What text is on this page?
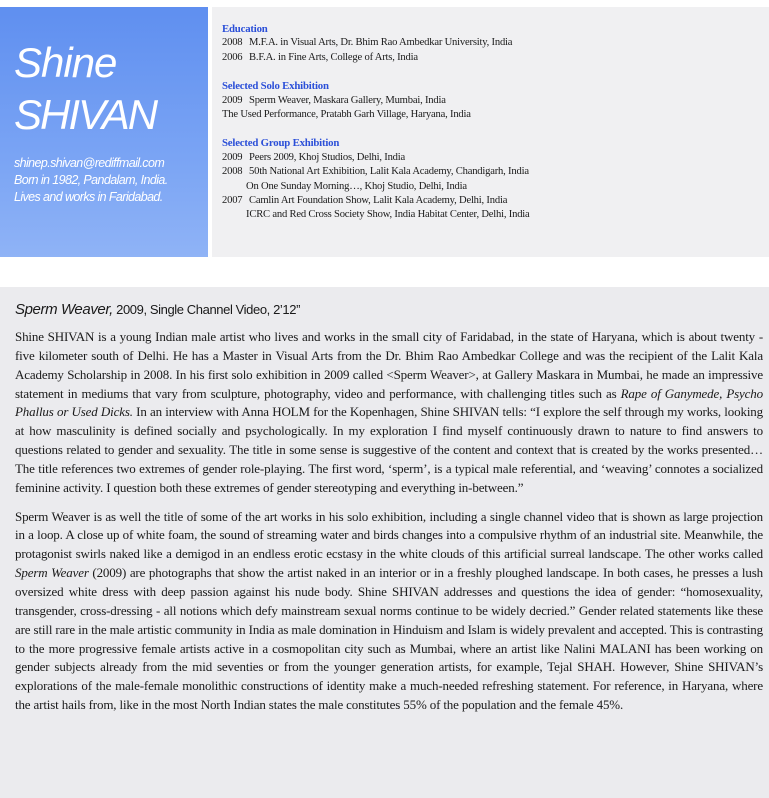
Shine
SHIVAN
shinep.shivan@rediffmail.com
Born in 1982, Pandalam, India.
Lives and works in Faridabad.
Education
2008 M.F.A. in Visual Arts, Dr. Bhim Rao Ambedkar University, India
2006 B.F.A. in Fine Arts, College of Arts, India
Selected Solo Exhibition
2009 Sperm Weaver, Maskara Gallery, Mumbai, India
The Used Performance, Pratabh Garh Village, Haryana, India
Selected Group Exhibition
2009 Peers 2009, Khoj Studios, Delhi, India
2008 50th National Art Exhibition, Lalit Kala Academy, Chandigarh, India
On One Sunday Morning…, Khoj Studio, Delhi, India
2007 Camlin Art Foundation Show, Lalit Kala Academy, Delhi, India
ICRC and Red Cross Society Show, India Habitat Center, Delhi, India

Sperm Weaver, 2009, Single Channel Video, 2’12”

Shine SHIVAN is a young Indian male artist who lives and works in the small city of Faridabad, in the state of Haryana, which is about twenty - five kilometer south of Delhi. He has a Master in Visual Arts from the Dr. Bhim Rao Ambedkar College and was the recipient of the Lalit Kala Academy Scholarship in 2008. In his first solo exhibition in 2009 called <Sperm Weaver>, at Gallery Maskara in Mumbai, he made an impressive statement in mediums that vary from sculpture, photography, video and performance, with challenging titles such as Rape of Ganymede, Psycho Phallus or Used Dicks. In an interview with Anna HOLM for the Kopenhagen, Shine SHIVAN tells: “I explore the self through my works, looking at how masculinity is defined socially and psychologically. In my exploration I find myself continuously drawn to nature to find answers to questions related to gender and sexuality. The title in some sense is suggestive of the content and context that is created by the works presented…The title references two extremes of gender role-playing. The first word, ‘sperm’, is a typical male referential, and ‘weaving’ connotes a socialized feminine activity. I question both these extremes of gender stereotyping and everything in-between.”

Sperm Weaver is as well the title of some of the art works in his solo exhibition, including a single channel video that is shown as large projection in a loop. A close up of white foam, the sound of streaming water and birds changes into a compulsive rhythm of an industrial site. Meanwhile, the protagonist swirls naked like a demigod in an endless erotic ecstasy in the white clouds of this artificial surreal landscape. The other works called Sperm Weaver (2009) are photographs that show the artist naked in an interior or in a freshly ploughed landscape. In both cases, he presses a lush oversized white dress with deep passion against his nude body. Shine SHIVAN addresses and questions the idea of gender: “homosexuality, transgender, cross-dressing - all notions which defy mainstream sexual norms continue to be widely decried.” Gender related statements like these are still rare in the male artistic community in India as male domination in Hinduism and Islam is widely prevalent and accepted. This is contrasting to the more progressive female artists active in a cosmopolitan city such as Mumbai, where an artist like Nalini MALANI has been working on gender subjects already from the mid seventies or from the younger generation artists, for example, Tejal SHAH. However, Shine SHIVAN’s explorations of the male-female monolithic constructions of identity make a much-needed refreshing statement. For reference, in Haryana, where the artist hails from, like in the most North Indian states the male constitutes 55% of the population and the female 45%.
